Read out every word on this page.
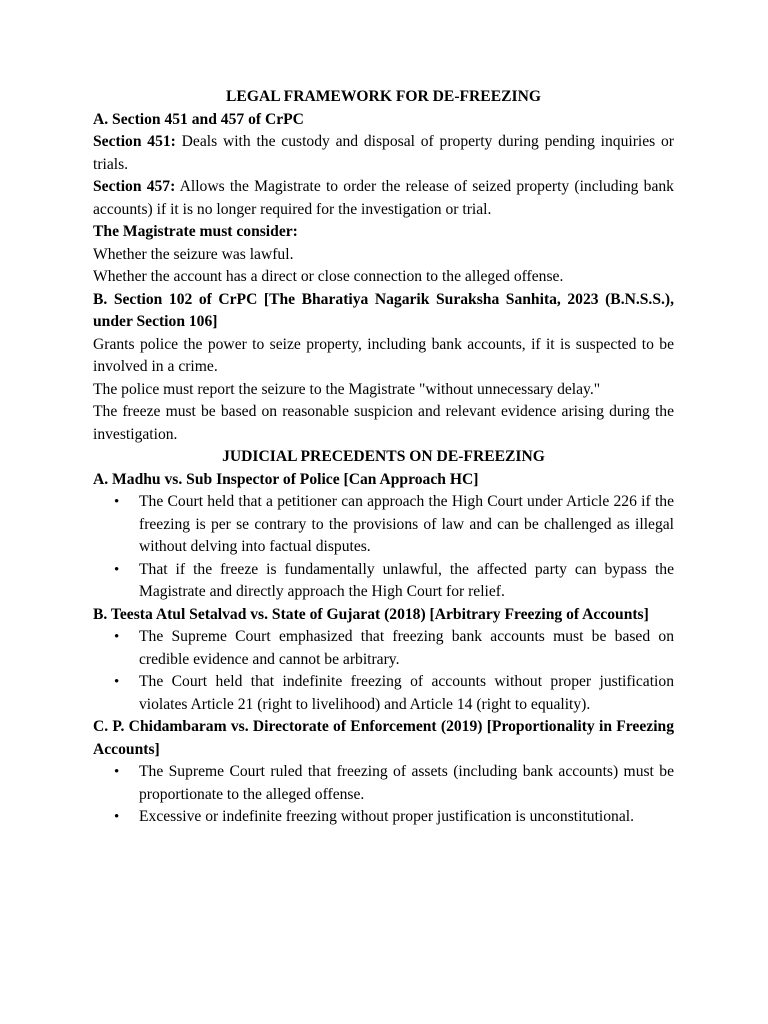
LEGAL FRAMEWORK FOR DE-FREEZING

A. Section 451 and 457 of CrPC

Section 451: Deals with the custody and disposal of property during pending inquiries or trials.

Section 457: Allows the Magistrate to order the release of seized property (including bank accounts) if it is no longer required for the investigation or trial.

The Magistrate must consider:

Whether the seizure was lawful.

Whether the account has a direct or close connection to the alleged offense.

B. Section 102 of CrPC [The Bharatiya Nagarik Suraksha Sanhita, 2023 (B.N.S.S.), under Section 106]

Grants police the power to seize property, including bank accounts, if it is suspected to be involved in a crime.

The police must report the seizure to the Magistrate "without unnecessary delay."

The freeze must be based on reasonable suspicion and relevant evidence arising during the investigation.

JUDICIAL PRECEDENTS ON DE-FREEZING

A. Madhu vs. Sub Inspector of Police [Can Approach HC]

• The Court held that a petitioner can approach the High Court under Article 226 if the freezing is per se contrary to the provisions of law and can be challenged as illegal without delving into factual disputes.
• That if the freeze is fundamentally unlawful, the affected party can bypass the Magistrate and directly approach the High Court for relief.

B. Teesta Atul Setalvad vs. State of Gujarat (2018) [Arbitrary Freezing of Accounts]

• The Supreme Court emphasized that freezing bank accounts must be based on credible evidence and cannot be arbitrary.
• The Court held that indefinite freezing of accounts without proper justification violates Article 21 (right to livelihood) and Article 14 (right to equality).

C. P. Chidambaram vs. Directorate of Enforcement (2019) [Proportionality in Freezing Accounts]

• The Supreme Court ruled that freezing of assets (including bank accounts) must be proportionate to the alleged offense.
• Excessive or indefinite freezing without proper justification is unconstitutional.
